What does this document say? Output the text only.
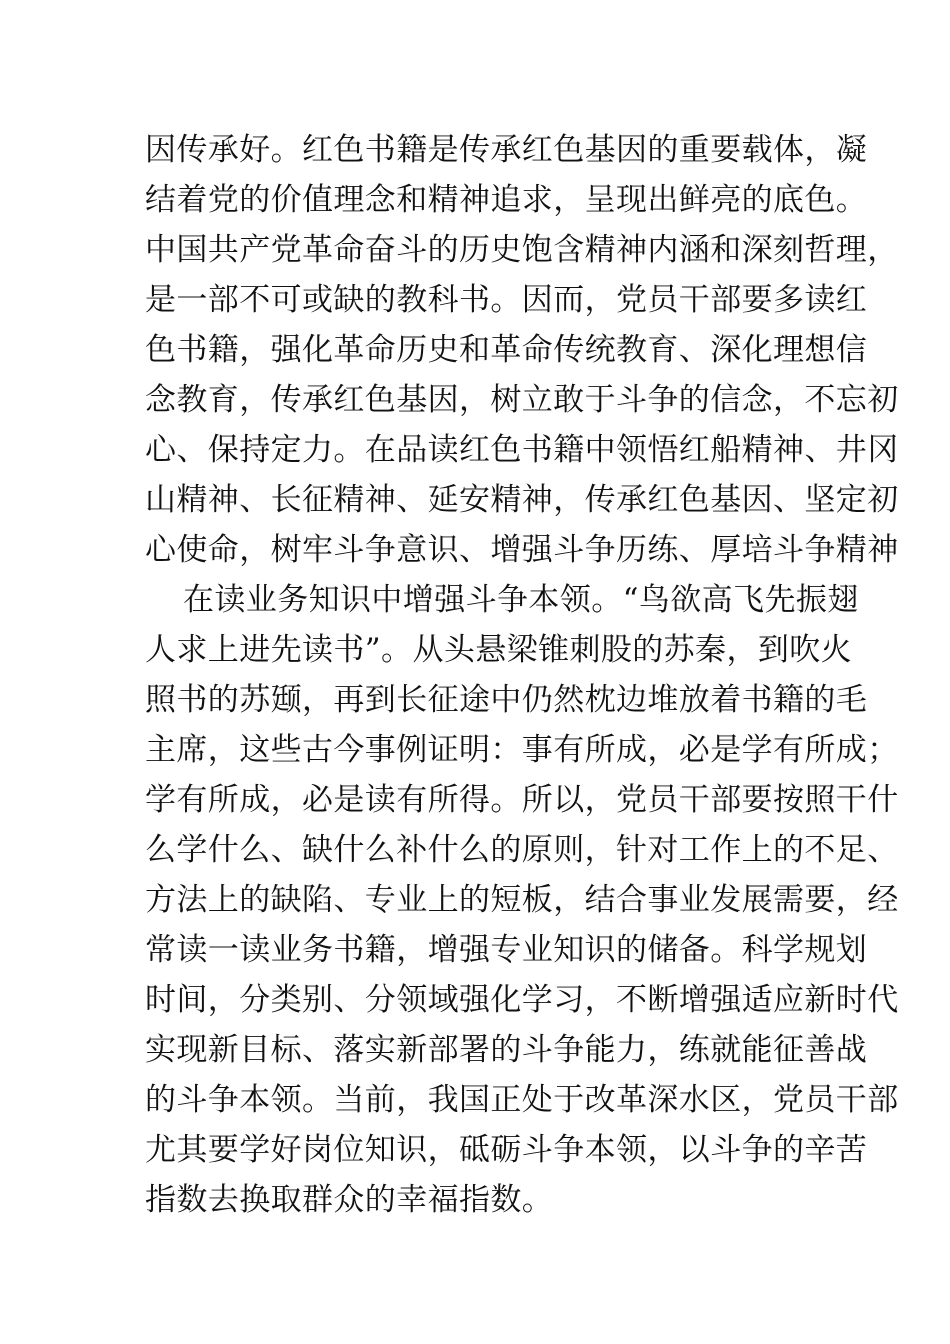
因传承好。红色书籍是传承红色基因的重要载体，凝
结着党的价值理念和精神追求，呈现出鲜亮的底色。
中国共产党革命奋斗的历史饱含精神内涵和深刻哲理，
是一部不可或缺的教科书。因而，党员干部要多读红
色书籍，强化革命历史和革命传统教育、深化理想信
念教育，传承红色基因，树立敢于斗争的信念，不忘初
心、保持定力。在品读红色书籍中领悟红船精神、井冈
山精神、长征精神、延安精神，传承红色基因、坚定初
心使命，树牢斗争意识、增强斗争历练、厚培斗争精神
在读业务知识中增强斗争本领。“鸟欲高飞先振翅
人求上进先读书”。从头悬梁锥刺股的苏秦，到吹火
照书的苏颋，再到长征途中仍然枕边堆放着书籍的毛
主席，这些古今事例证明：事有所成，必是学有所成；
学有所成，必是读有所得。所以，党员干部要按照干什
么学什么、缺什么补什么的原则，针对工作上的不足、
方法上的缺陷、专业上的短板，结合事业发展需要，经
常读一读业务书籍，增强专业知识的储备。科学规划
时间，分类别、分领域强化学习，不断增强适应新时代
实现新目标、落实新部署的斗争能力，练就能征善战
的斗争本领。当前，我国正处于改革深水区，党员干部
尤其要学好岗位知识，砥砺斗争本领，以斗争的辛苦
指数去换取群众的幸福指数。
